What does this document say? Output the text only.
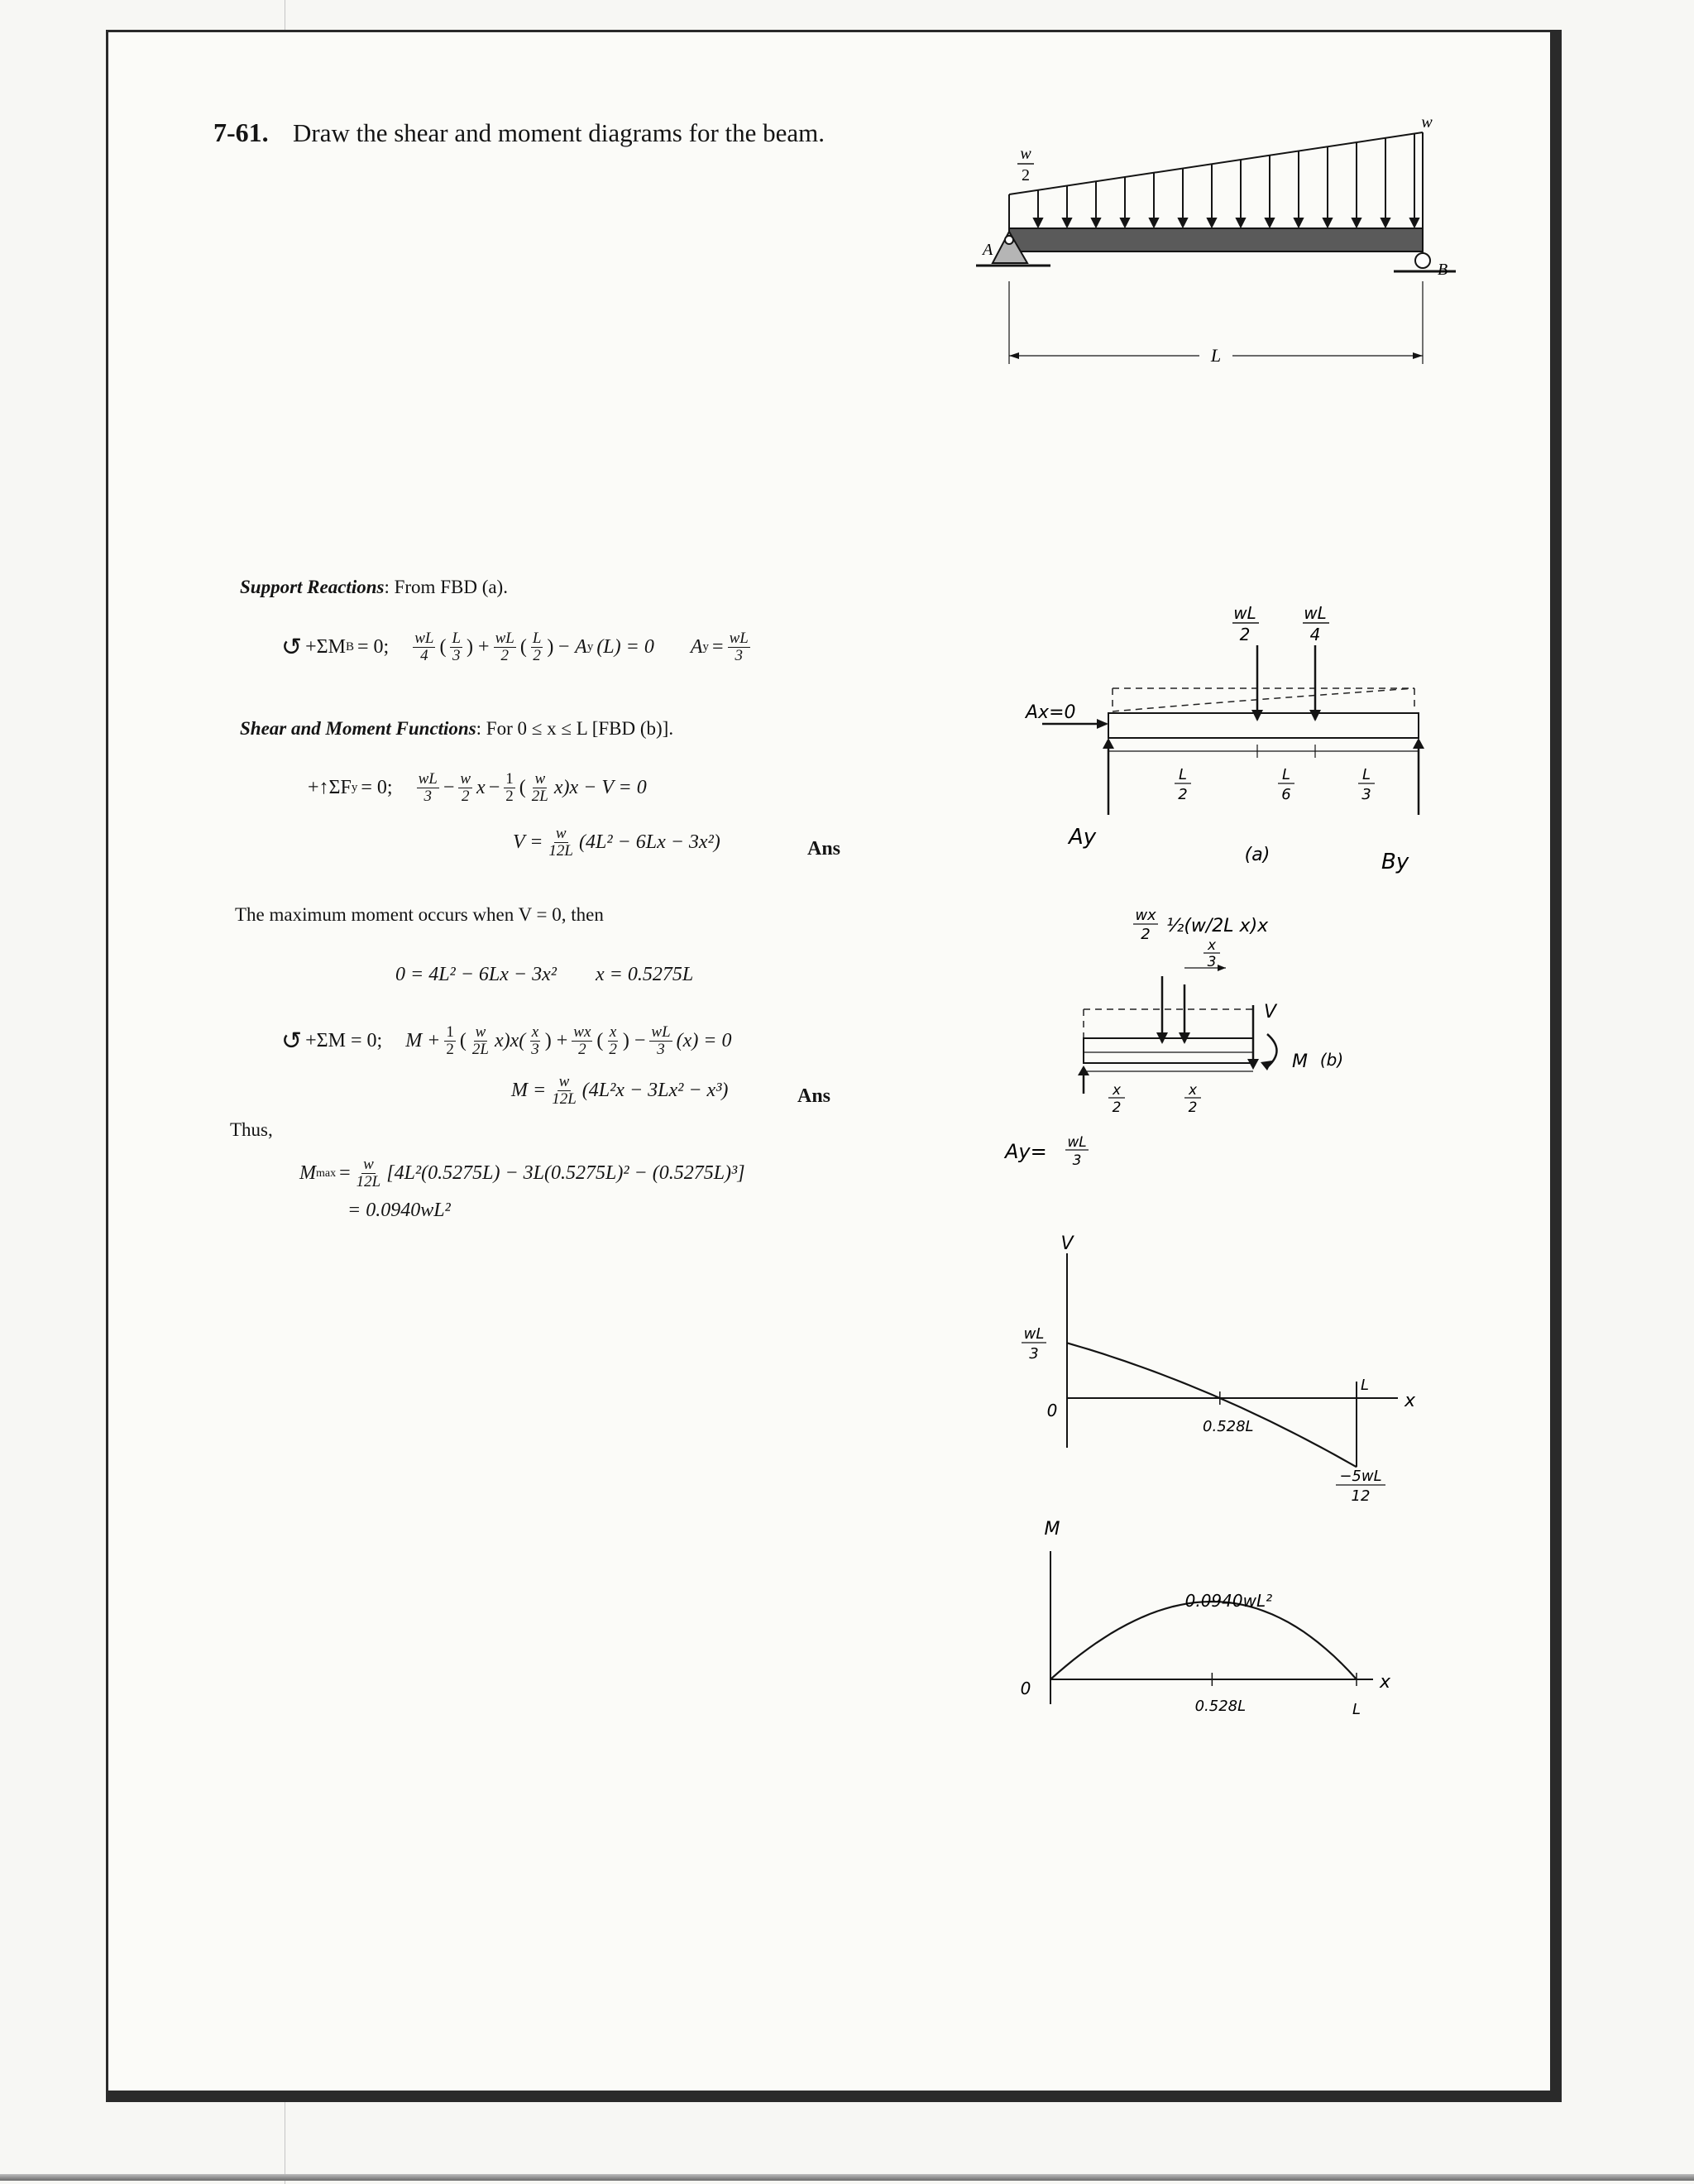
7-61. Draw the shear and moment diagrams for the beam.
w
2
w
A
B
L
Support Reactions: From FBD (a).
↺ +ΣM B = 0; $\frac{wL}{4}$ ( $\frac{L}{3}$ ) + $\frac{wL}{2}$ ( $\frac{L}{2}$ ) − A y (L) = 0 A $y = \frac{wL}{3}$
Shear and Moment Functions: For 0 ≤ x ≤ L [FBD (b)].
+↑ΣF y = 0; $\frac{wL}{3} - \frac{w}{2}$ $x - \frac{1}{2}$ ( $\frac{w}{2L} x)x - V = 0$
$V = \frac{w}{12L} (4L^2 - 6Lx - 3x^2)$	Ans
The maximum moment occurs when V = 0, then
0 = 4L² − 6Lx − 3x² x = 0.5275L
↺ +ΣM = 0; $M + \frac{1}{2}$ ( $\frac{w}{2L} x)x( \frac{x}{3}$ ) + $\frac{wx}{2}$ ( $\frac{x}{2}$ ) − $\frac{wL}{3} (x) = 0$
$M = \frac{w}{12L} (4L^2x - 3Lx^2 - x^3)$	Ans
Thus,
M $\max = \frac{w}{12L} [4L^2(0.5275L) - 3L(0.5275L)^2 - (0.5275L)^3]$
= 0.0940wL²
Ax=0
wL
2
wL
4
L
2
L
6
L
3
Ay
(a)	By
wx
2 ½(w/2L x)x
x
3
V
M (b)
x
2
x
2
Ay= wL
3
V
x
0
wL
3
0.528L
L
−5wL
12
M
x
0
0.0940wL²
0.528L	L
